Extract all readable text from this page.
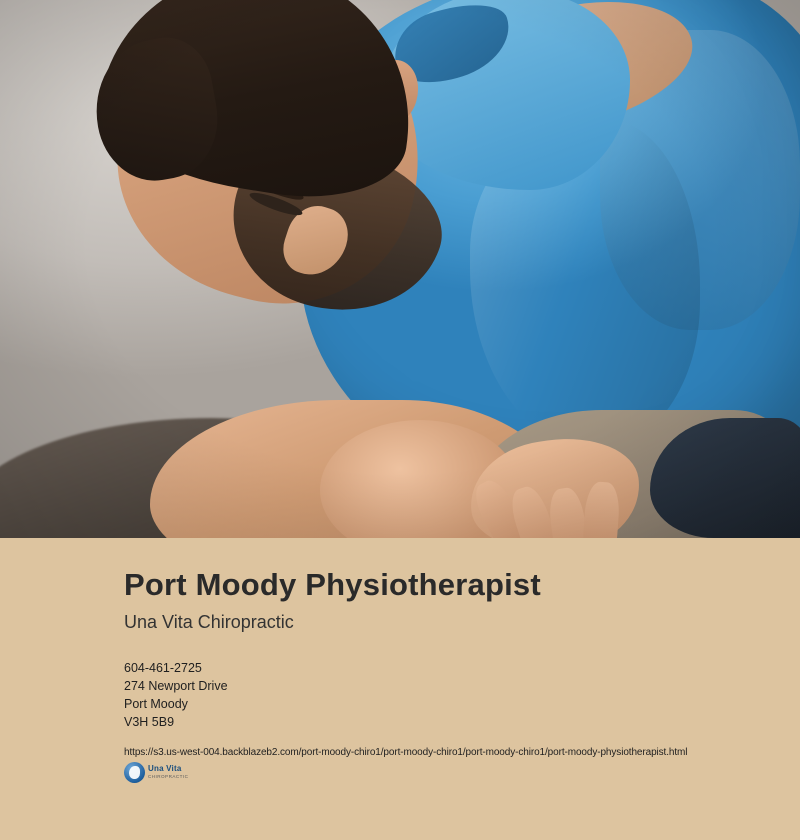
Port Moody Physiotherapist
Una Vita Chiropractic
604-461-2725
274 Newport Drive
Port Moody
V3H 5B9
https://s3.us-west-004.backblazeb2.com/port-moody-chiro1/port-moody-chiro1/port-moody-chiro1/port-moody-physiotherapist.html
Una Vita
CHIROPRACTIC
